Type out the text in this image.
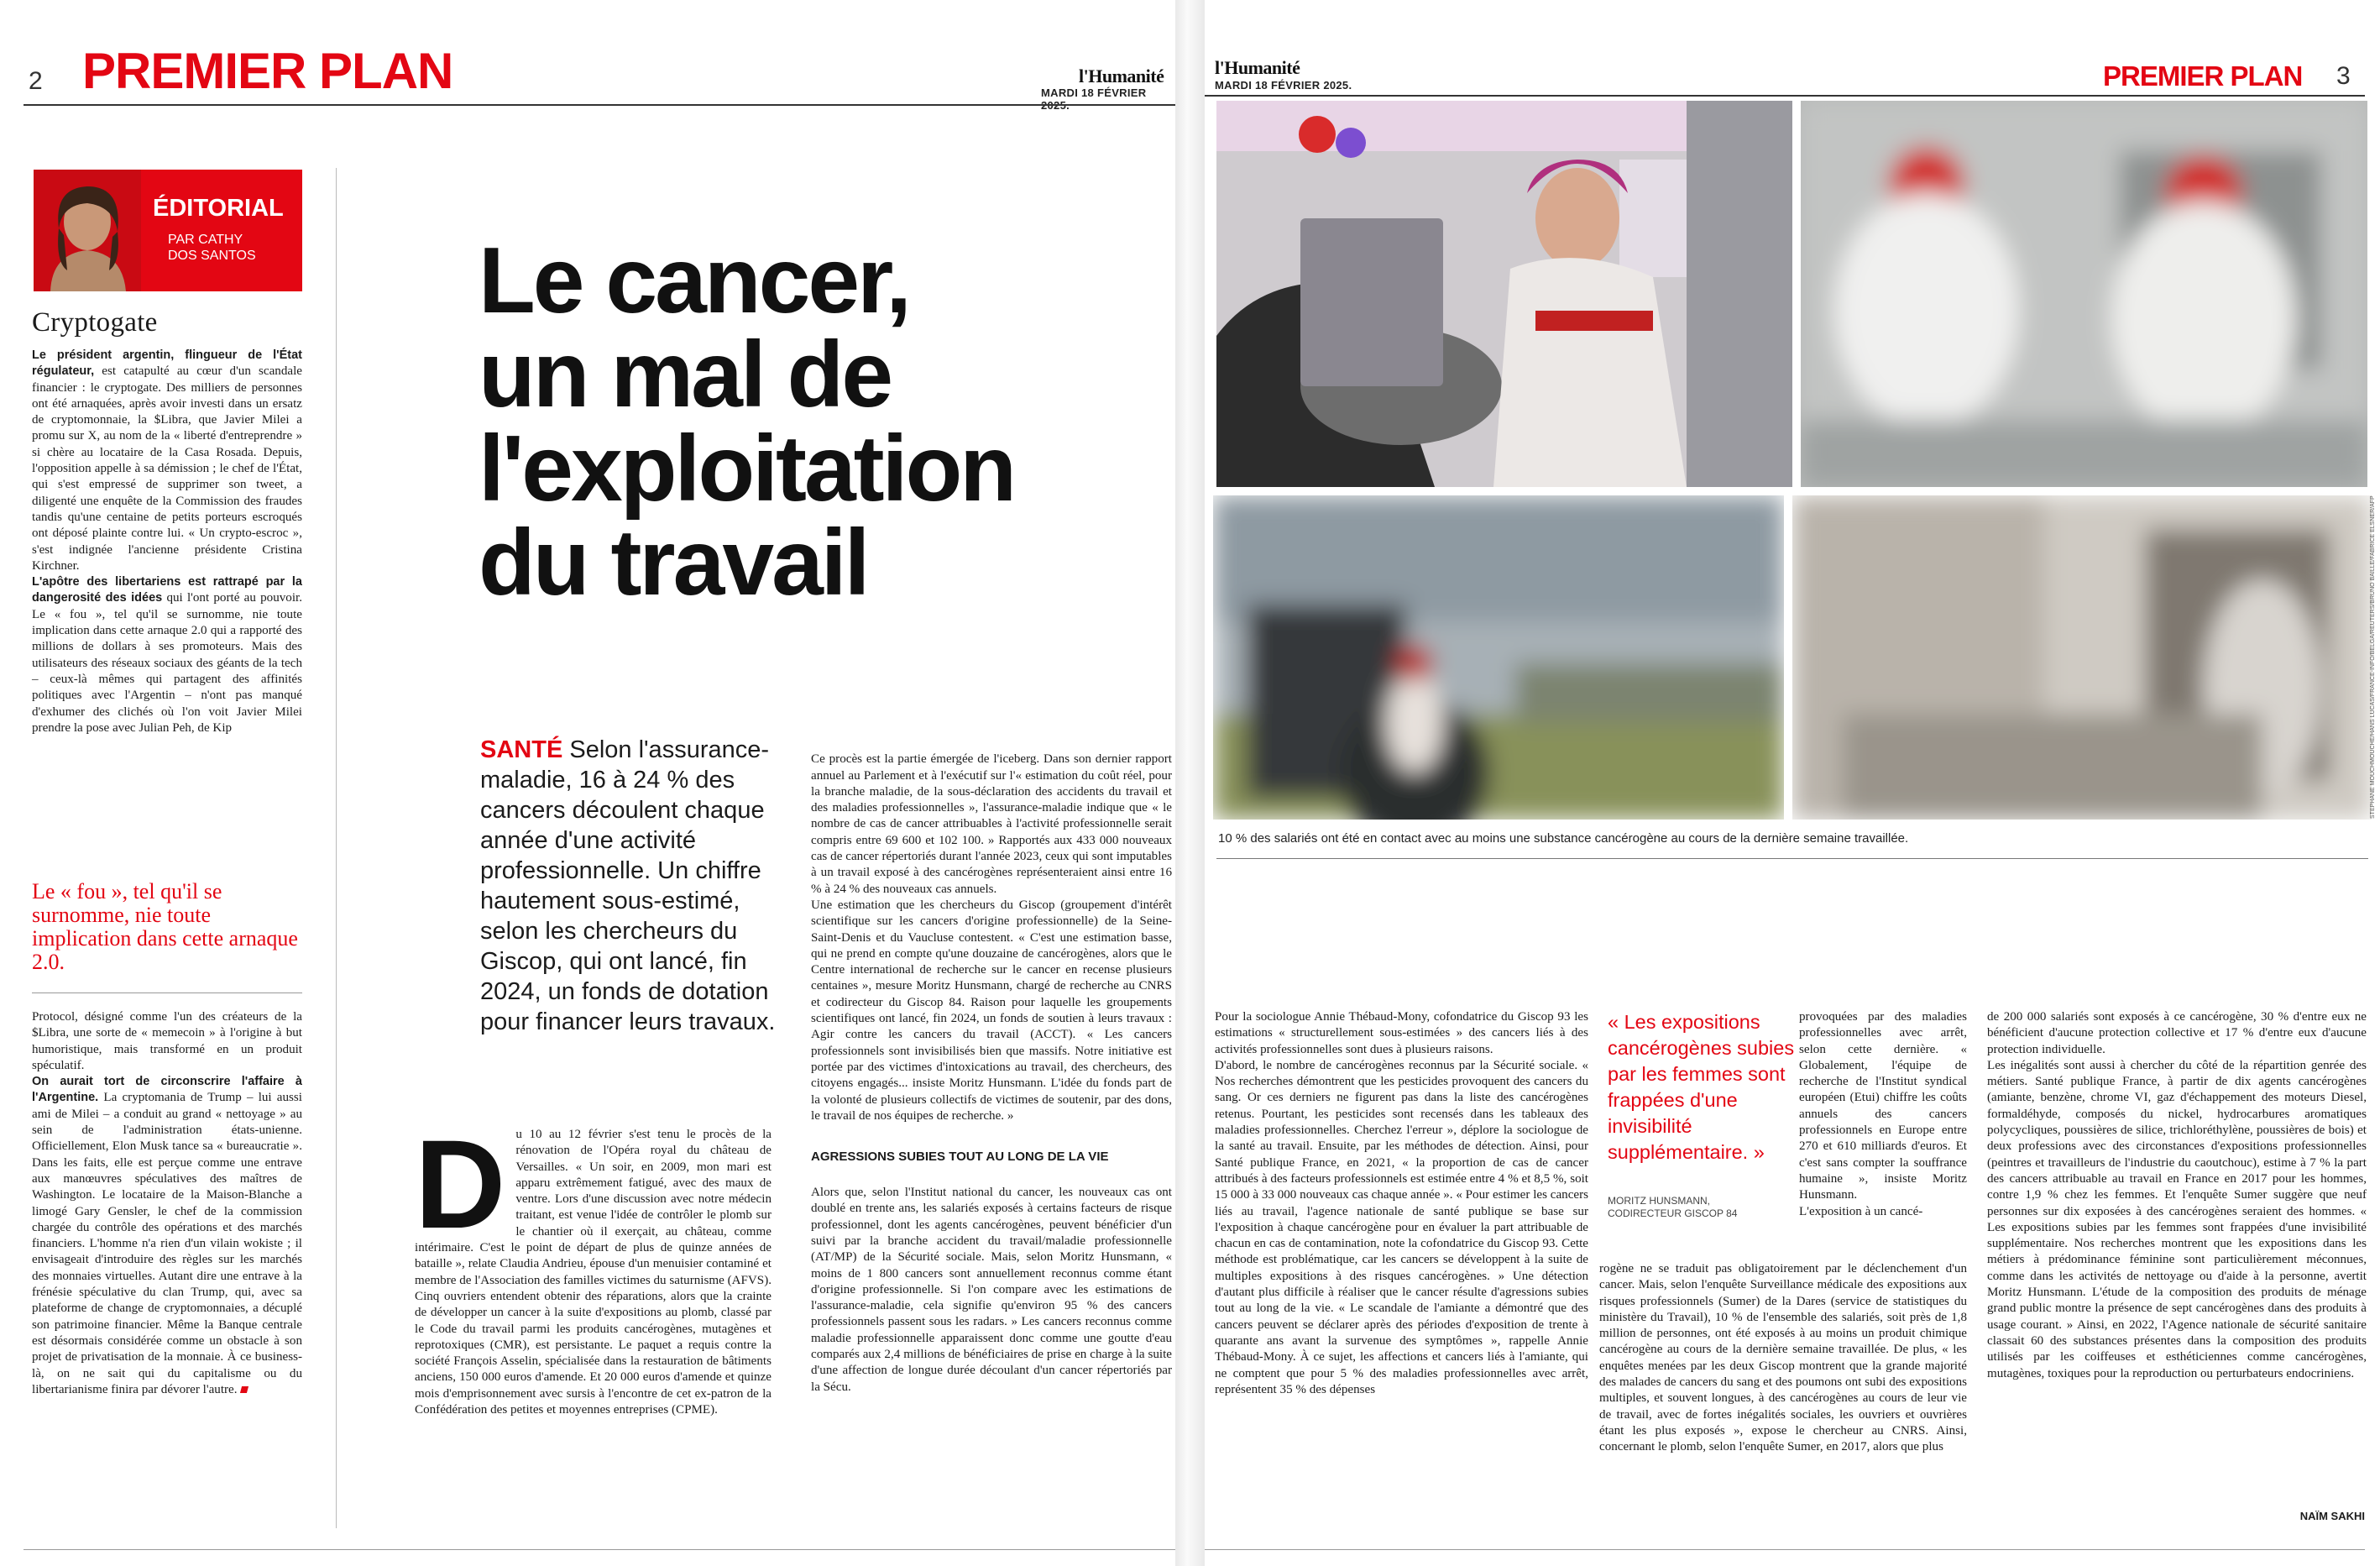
2 PREMIER PLAN	l'Humanité
MARDI 18 FÉVRIER
ÉDITORIAL
PAR CATHY
DOS SANTOS
Cryptogate

Le président argentin, flingueur de l'État régulateur, est catapulté au cœur d'un scandale financier : le cryptogate. Des milliers de personnes ont été arnaquées, après avoir investi dans un ersatz de cryptomonnaie, la $Libra, que Javier Milei a promu sur X, au nom de la « liberté d'entreprendre » si chère au locataire de la Casa Rosada. Depuis, l'opposition appelle à sa démission ; le chef de l'État, qui s'est empressé de supprimer son tweet, a diligenté une enquête de la Commission des fraudes tandis qu'une centaine de petits porteurs escroqués ont déposé plainte contre lui. « Un crypto-escroc », s'est indignée l'ancienne présidente Cristina Kirchner.

L'apôtre des libertariens est rattrapé par la dangerosité des idées qui l'ont porté au pouvoir. Le « fou », tel qu'il se surnomme, nie toute implication dans cette arnaque 2.0 qui a rapporté des millions de dollars à ses promoteurs. Mais des utilisateurs des réseaux sociaux des géants de la tech – ceux-là mêmes qui partagent des affinités politiques avec l'Argentin – n'ont pas manqué d'exhumer des clichés où l'on voit Javier Milei prendre la pose avec Julian Peh, de Kip

Le « fou », tel qu'il se surnomme, nie toute implication dans cette arnaque 2.0.

Protocol, désigné comme l'un des créateurs de la $Libra, une sorte de « memecoin » à l'origine à but humoristique, mais transformé en un produit spéculatif.

On aurait tort de circonscrire l'affaire à l'Argentine. La cryptomania de Trump – lui aussi ami de Milei – a conduit au grand « nettoyage » au sein de l'administration états-unienne. Officiellement, Elon Musk tance sa « bureaucratie ». Dans les faits, elle est perçue comme une entrave aux manœuvres spéculatives des maîtres de Washington. Le locataire de la Maison-Blanche a limogé Gary Gensler, le chef de la commission chargée du contrôle des opérations et des marchés financiers. L'homme n'a rien d'un vilain wokiste ; il envisageait d'introduire des règles sur les marchés des monnaies virtuelles. Autant dire une entrave à la frénésie spéculative du clan Trump, qui, avec sa plateforme de change de cryptomonnaies, a décuplé son patrimoine financier. Même la Banque centrale est désormais considérée comme un obstacle à son projet de privatisation de la monnaie. À ce business-là, on ne sait qui du capitalisme ou du libertarianisme finira par dévorer l'autre.

Le cancer,
un mal de
l'exploitation
du travail
SANTÉ Selon l'assurance-maladie, 16 à 24 % des cancers découlent chaque année d'une activité professionnelle. Un chiffre hautement sous-estimé, selon les chercheurs du Giscop, qui ont lancé, fin 2024, un fonds de dotation pour financer leurs travaux.
Du 10 au 12 février s'est tenu le procès de la rénovation de l'Opéra royal du château de Versailles. « Un soir, en 2009, mon mari est apparu extrêmement fatigué, avec des maux de ventre. Lors d'une discussion avec notre médecin traitant, est venue l'idée de contrôler le plomb sur le chantier où il exerçait, au château, comme intérimaire. C'est le point de départ de plus de quinze années de bataille », relate Claudia Andrieu, épouse d'un menuisier contaminé et membre de l'Association des familles victimes du saturnisme (AFVS). Cinq ouvriers entendent obtenir des réparations, alors que la crainte de développer un cancer à la suite d'expositions au plomb, classé par le Code du travail parmi les produits cancérogènes, mutagènes et reprotoxiques (CMR), est persistante. Le paquet a requis contre la société François Asselin, spécialisée dans la restauration de bâtiments anciens, 150 000 euros d'amende. Et 20 000 euros d'amende et quinze mois d'emprisonnement avec sursis à l'encontre de cet ex-patron de la Confédération des petites et moyennes entreprises (CPME).

Ce procès est la partie émergée de l'iceberg. Dans son dernier rapport annuel au Parlement et à l'exécutif sur l'« estimation du coût réel, pour la branche maladie, de la sous-déclaration des accidents du travail et des maladies professionnelles », l'assurance-maladie indique que « le nombre de cas de cancer attribuables à l'activité professionnelle serait compris entre 69 600 et 102 100. » Rapportés aux 433 000 nouveaux cas de cancer répertoriés durant l'année 2023, ceux qui sont imputables à un travail exposé à des cancérogènes représenteraient ainsi entre 16 % à 24 % des nouveaux cas annuels.
Une estimation que les chercheurs du Giscop (groupement d'intérêt scientifique sur les cancers d'origine professionnelle) de la Seine-Saint-Denis et du Vaucluse contestent. « C'est une estimation basse, qui ne prend en compte qu'une douzaine de cancérogènes, alors que le Centre international de recherche sur le cancer en recense plusieurs centaines », mesure Moritz Hunsmann, chargé de recherche au CNRS et codirecteur du Giscop 84. Raison pour laquelle les groupements scientifiques ont lancé, fin 2024, un fonds de soutien à leurs travaux : Agir contre les cancers du travail (ACCT). « Les cancers professionnels sont invisibilisés bien que massifs. Notre initiative est portée par des victimes d'intoxications au travail, des chercheurs, des citoyens engagés... insiste Moritz Hunsmann. L'idée du fonds part de la volonté de plusieurs collectifs de victimes de soutenir, par des dons, le travail de nos équipes de recherche. »

AGRESSIONS SUBIES TOUT AU LONG DE LA VIE

Alors que, selon l'Institut national du cancer, les nouveaux cas ont doublé en trente ans, les salariés exposés à certains facteurs de risque professionnel, dont les agents cancérogènes, peuvent bénéficier d'un suivi par la branche accident du travail/maladie professionnelle (AT/MP) de la Sécurité sociale. Mais, selon Moritz Hunsmann, « moins de 1 800 cancers sont annuellement reconnus comme étant d'origine professionnelle. Si l'on compare avec les estimations de l'assurance-maladie, cela signifie qu'environ 95 % des cancers professionnels passent sous les radars. » Les cancers reconnus comme maladie professionnelle apparaissent donc comme une goutte d'eau comparés aux 2,4 millions de bénéficiaires de prise en charge à la suite d'une affection de longue durée découlant d'un cancer répertoriés par la Sécu.

l'Humanité
MARDI 18 FÉVRIER 2025.	PREMIER PLAN 3
STEPHANE MOUCHMOUCHE/HANS LUCAS/FRANCE-INFO/BELGA/REUTERS/BRUNO BAILLE/FABRICE ELSNER/AFP
10 % des salariés ont été en contact avec au moins une substance cancérogène au cours de la dernière semaine travaillée.
Pour la sociologue Annie Thébaud-Mony, cofondatrice du Giscop 93 les estimations « structurellement sous-estimées » des cancers liés à des activités professionnelles sont dues à plusieurs raisons.
D'abord, le nombre de cancérogènes reconnus par la Sécurité sociale. « Nos recherches démontrent que les pesticides provoquent des cancers du sang. Or ces derniers ne figurent pas dans la liste des cancérogènes retenus. Pourtant, les pesticides sont recensés dans les tableaux des maladies professionnelles. Cherchez l'erreur », déplore la sociologue de la santé au travail. Ensuite, par les méthodes de détection. Ainsi, pour Santé publique France, en 2021, « la proportion de cas de cancer attribués à des facteurs professionnels est estimée entre 4 % et 8,5 %, soit 15 000 à 33 000 nouveaux cas chaque année ». « Pour estimer les cancers liés au travail, l'agence nationale de santé publique se base sur l'exposition à chaque cancérogène pour en évaluer la part attribuable de chacun en cas de contamination, note la cofondatrice du Giscop 93. Cette méthode est problématique, car les cancers se développent à la suite de multiples expositions à des risques cancérogènes. » Une détection d'autant plus difficile à réaliser que le cancer résulte d'agressions subies tout au long de la vie. « Le scandale de l'amiante a démontré que des cancers peuvent se déclarer après des périodes d'exposition de trente à quarante ans avant la survenue des symptômes », rappelle Annie Thébaud-Mony. À ce sujet, les affections et cancers liés à l'amiante, qui ne comptent que pour 5 % des maladies professionnelles avec arrêt, représentent 35 % des dépenses
« Les expositions cancérogènes subies par les femmes sont frappées d'une invisibilité supplémentaire. »
MORITZ HUNSMANN,
CODIRECTEUR GISCOP 84
provoquées par des maladies professionnelles avec arrêt, selon cette dernière. « Globalement, l'équipe de recherche de l'Institut syndical européen (Etui) chiffre les coûts annuels des cancers professionnels en Europe entre 270 et 610 milliards d'euros. Et c'est sans compter la souffrance humaine », insiste Moritz Hunsmann.
L'exposition à un cancé-
rogène ne se traduit pas obligatoirement par le déclenchement d'un cancer. Mais, selon l'enquête Surveillance médicale des expositions aux risques professionnels (Sumer) de la Dares (service de statistiques du ministère du Travail), 10 % de l'ensemble des salariés, soit près de 1,8 million de personnes, ont été exposés à au moins un produit chimique cancérogène au cours de la dernière semaine travaillée. De plus, « les enquêtes menées par les deux Giscop montrent que la grande majorité des malades de cancers du sang et des poumons ont subi des expositions multiples, et souvent longues, à des cancérogènes au cours de leur vie de travail, avec de fortes inégalités sociales, les ouvriers et ouvrières étant les plus exposés », expose le chercheur au CNRS. Ainsi, concernant le plomb, selon l'enquête Sumer, en 2017, alors que plus
de 200 000 salariés sont exposés à ce cancérogène, 30 % d'entre eux ne bénéficient d'aucune protection collective et 17 % d'entre eux d'aucune protection individuelle.
Les inégalités sont aussi à chercher du côté de la répartition genrée des métiers. Santé publique France, à partir de dix agents cancérogènes (amiante, benzène, chrome VI, gaz d'échappement des moteurs Diesel, formaldéhyde, composés du nickel, hydrocarbures aromatiques polycycliques, poussières de silice, trichloréthylène, poussières de bois) et deux professions avec des circonstances d'expositions professionnelles (peintres et travailleurs de l'industrie du caoutchouc), estime à 7 % la part des cancers attribuable au travail en France en 2017 pour les hommes, contre 1,9 % chez les femmes. Et l'enquête Sumer suggère que neuf personnes sur dix exposées à des cancérogènes seraient des hommes. « Les expositions subies par les femmes sont frappées d'une invisibilité supplémentaire. Nos recherches montrent que les expositions dans les métiers à prédominance féminine sont particulièrement méconnues, comme dans les activités de nettoyage ou d'aide à la personne, avertit Moritz Hunsmann. L'étude de la composition des produits de ménage grand public montre la présence de sept cancérogènes dans des produits à usage courant. » Ainsi, en 2022, l'Agence nationale de sécurité sanitaire classait 60 des substances présentes dans la composition des produits utilisés par les coiffeuses et esthéticiennes comme cancérogènes, mutagènes, toxiques pour la reproduction ou perturbateurs endocriniens.
NAÏM SAKHI
